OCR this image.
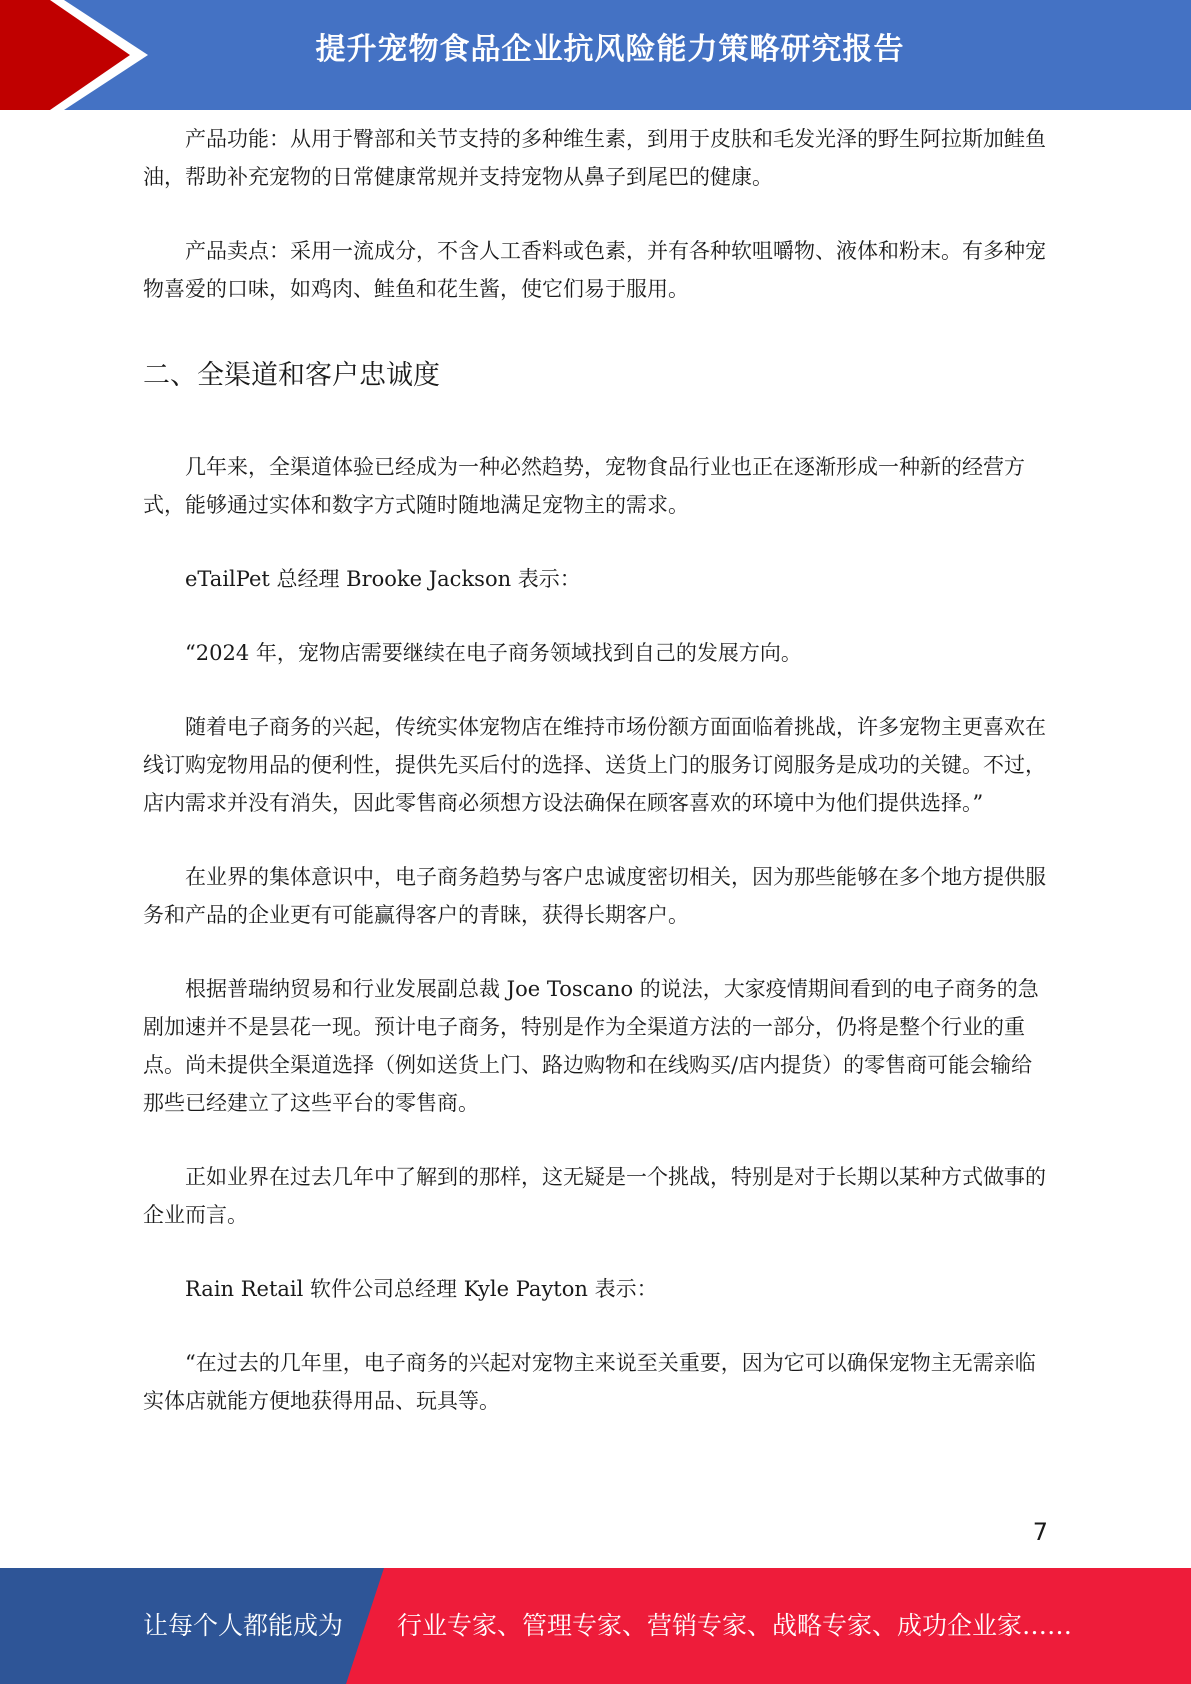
提升宠物食品企业抗风险能力策略研究报告

产品功能：从用于臀部和关节支持的多种维生素，到用于皮肤和毛发光泽的野生阿拉斯加鲑鱼油，帮助补充宠物的日常健康常规并支持宠物从鼻子到尾巴的健康。

产品卖点：采用一流成分，不含人工香料或色素，并有各种软咀嚼物、液体和粉末。有多种宠物喜爱的口味，如鸡肉、鲑鱼和花生酱，使它们易于服用。

二、全渠道和客户忠诚度

几年来，全渠道体验已经成为一种必然趋势，宠物食品行业也正在逐渐形成一种新的经营方式，能够通过实体和数字方式随时随地满足宠物主的需求。

eTailPet 总经理 Brooke Jackson 表示：

“2024 年，宠物店需要继续在电子商务领域找到自己的发展方向。

随着电子商务的兴起，传统实体宠物店在维持市场份额方面面临着挑战，许多宠物主更喜欢在线订购宠物用品的便利性，提供先买后付的选择、送货上门的服务订阅服务是成功的关键。不过，店内需求并没有消失，因此零售商必须想方设法确保在顾客喜欢的环境中为他们提供选择。”

在业界的集体意识中，电子商务趋势与客户忠诚度密切相关，因为那些能够在多个地方提供服务和产品的企业更有可能赢得客户的青睐，获得长期客户。

根据普瑞纳贸易和行业发展副总裁 Joe Toscano 的说法，大家疫情期间看到的电子商务的急剧加速并不是昙花一现。预计电子商务，特别是作为全渠道方法的一部分，仍将是整个行业的重点。尚未提供全渠道选择（例如送货上门、路边购物和在线购买/店内提货）的零售商可能会输给那些已经建立了这些平台的零售商。

正如业界在过去几年中了解到的那样，这无疑是一个挑战，特别是对于长期以某种方式做事的企业而言。

Rain Retail 软件公司总经理 Kyle Payton 表示：

“在过去的几年里，电子商务的兴起对宠物主来说至关重要，因为它可以确保宠物主无需亲临实体店就能方便地获得用品、玩具等。

7
让每个人都能成为 行业专家、管理专家、营销专家、战略专家、成功企业家……
